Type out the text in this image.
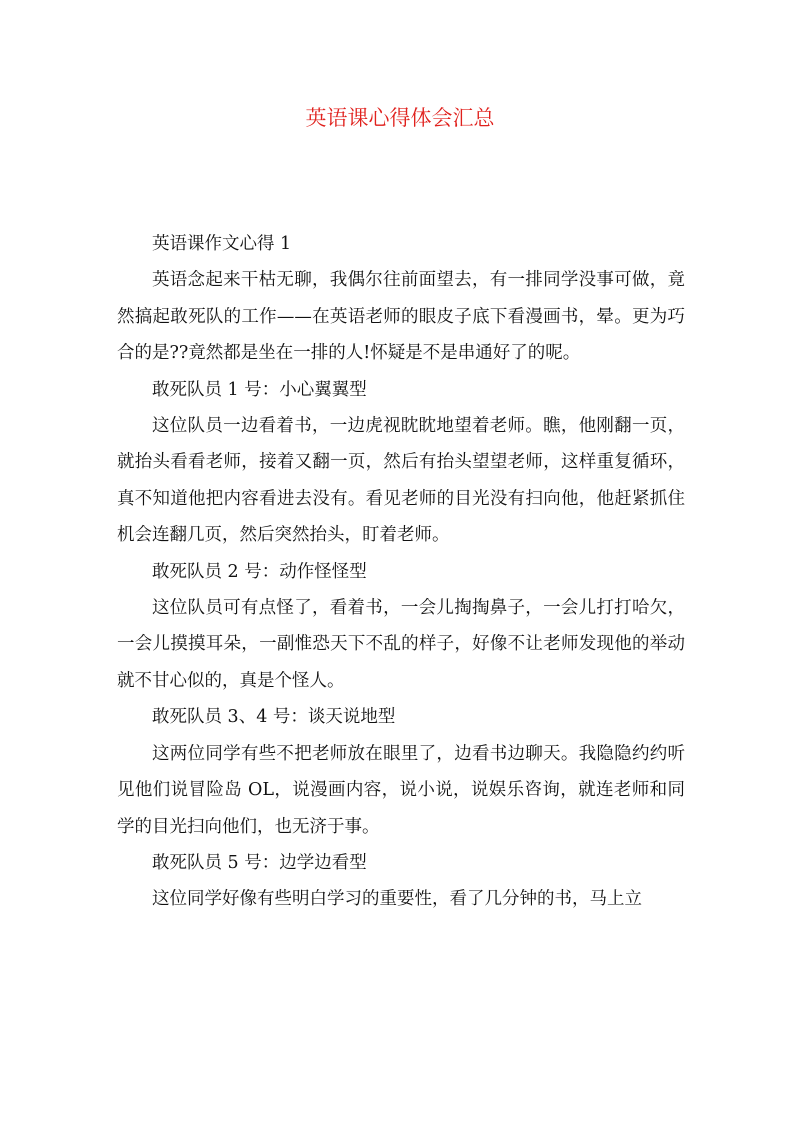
英语课心得体会汇总

英语课作文心得 1

英语念起来干枯无聊，我偶尔往前面望去，有一排同学没事可做，竟然搞起敢死队的工作——在英语老师的眼皮子底下看漫画书，晕。更为巧合的是??竟然都是坐在一排的人!怀疑是不是串通好了的呢。

敢死队员 1 号：小心翼翼型

这位队员一边看着书，一边虎视眈眈地望着老师。瞧，他刚翻一页，就抬头看看老师，接着又翻一页，然后有抬头望望老师，这样重复循环，真不知道他把内容看进去没有。看见老师的目光没有扫向他，他赶紧抓住机会连翻几页，然后突然抬头，盯着老师。

敢死队员 2 号：动作怪怪型

这位队员可有点怪了，看着书，一会儿掏掏鼻子，一会儿打打哈欠，一会儿摸摸耳朵，一副惟恐天下不乱的样子，好像不让老师发现他的举动就不甘心似的，真是个怪人。

敢死队员 3、4 号：谈天说地型

这两位同学有些不把老师放在眼里了，边看书边聊天。我隐隐约约听见他们说冒险岛 OL，说漫画内容，说小说，说娱乐咨询，就连老师和同学的目光扫向他们，也无济于事。

敢死队员 5 号：边学边看型

这位同学好像有些明白学习的重要性，看了几分钟的书，马上立
